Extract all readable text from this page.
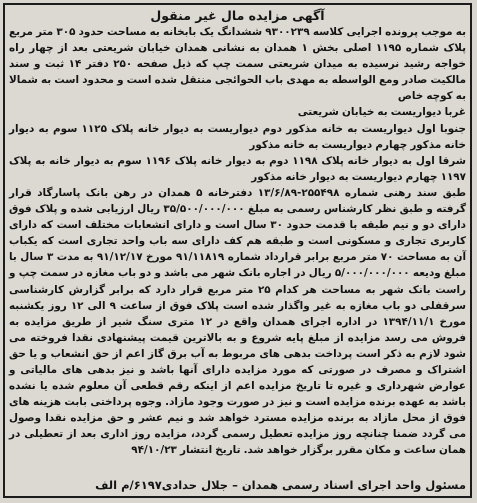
آگهی مزایده مال غیر منقول

به موجب پرونده اجرایی کلاسه ۹۳۰۰۲۳۹ ششدانگ یک بابخانه به مساحت حدود ۳۰۵ متر مربع پلاک شماره ۱۱۹۵ اصلی بخش ۱ همدان به نشانی همدان خیابان شریعتی بعد از چهار راه خواجه رشید نرسیده به میدان شریعتی سمت چپ که ذیل صفحه ۲۵۰ دفتر ۱۴ ثبت و سند مالکیت صادر ومع الواسطه به مهدی باب الحوائجی منتقل شده است و محدود است به شمالا به کوچه خاص

غربا دیواریست به خیابان شریعتی

جنوبا اول دیواریست به خانه مذکور دوم دیواریست به دیوار خانه پلاک ۱۱۲۵ سوم به دیوار خانه مذکور چهارم دیواریست به خانه مذکور

شرقا اول به دیوار خانه پلاک ۱۱۹۸ دوم به دیوار خانه پلاک ۱۱۹۶ سوم به دیوار خانه به پلاک ۱۱۹۷ چهارم دیواریست به دیوار خانه مذکور

طبق سند رهنی شماره ۲۵۵۴۹۸-۱۳/۶/۸۹ دفترخانه ۵ همدان در رهن بانک پاسارگاد قرار گرفته و طبق نظر کارشناس رسمی به مبلغ ۳۵/۵۰۰/۰۰۰/۰۰۰ ریال ارزیابی شده و پلاک فوق دارای دو و نیم طبقه با قدمت حدود ۳۰ سال است و دارای انشعابات مختلف است که دارای کاربری تجاری و مسکونی است و طبقه هم کف دارای سه باب واحد تجاری است که یکباب آن به مساحت ۷۰ متر مربع برابر قرارداد شماره ۹۱/۱۱۸۱۹ مورخ ۹۱/۱۲/۱۷ به مدت ۳ سال با مبلغ ودیعه ۵/۰۰۰/۰۰۰/۰۰۰ ریال در اجاره بانک شهر می باشد و دو باب مغازه در سمت چپ و راست بانک شهر به مساحت هر کدام ۲۵ متر مربع قرار دارد که برابر گزارش کارشناسی سرقفلی دو باب مغازه به غیر واگذار شده است پلاک فوق از ساعت ۹ الی ۱۲ روز یکشنبه مورخ ۱۳۹۴/۱۱/۱ در اداره اجرای همدان واقع در ۱۲ متری سنگ شیر از طریق مزایده به فروش می رسد مزایده از مبلغ پایه شروع و به بالاترین قیمت پیشنهادی نقدا فروخته می شود لازم به ذکر است پرداخت بدهی های مربوط به آب برق گاز اعم از حق انشعاب و یا حق اشتراک و مصرف در صورتی که مورد مزایده دارای آنها باشد و نیز بدهی های مالیاتی و عوارض شهرداری و غیره تا تاریخ مزایده اعم از اینکه رقم قطعی آن معلوم شده یا نشده باشد به عهده برنده مزایده است و نیز در صورت وجود مازاد. وجوه پرداختی بابت هزینه های فوق از محل مازاد به برنده مزایده مسترد خواهد شد و نیم عشر و حق مزایده نقدا وصول می گردد ضمنا چنانچه روز مزایده تعطیل رسمی گردد، مزایده روز اداری بعد از تعطیلی در همان ساعت و مکان مقرر برگزار خواهد شد. تاریخ انتشار ۹۴/۱۰/۲۳

مسئول واحد اجرای اسناد رسمی همدان – جلال حدادی
۶۱۹۷/م الف
